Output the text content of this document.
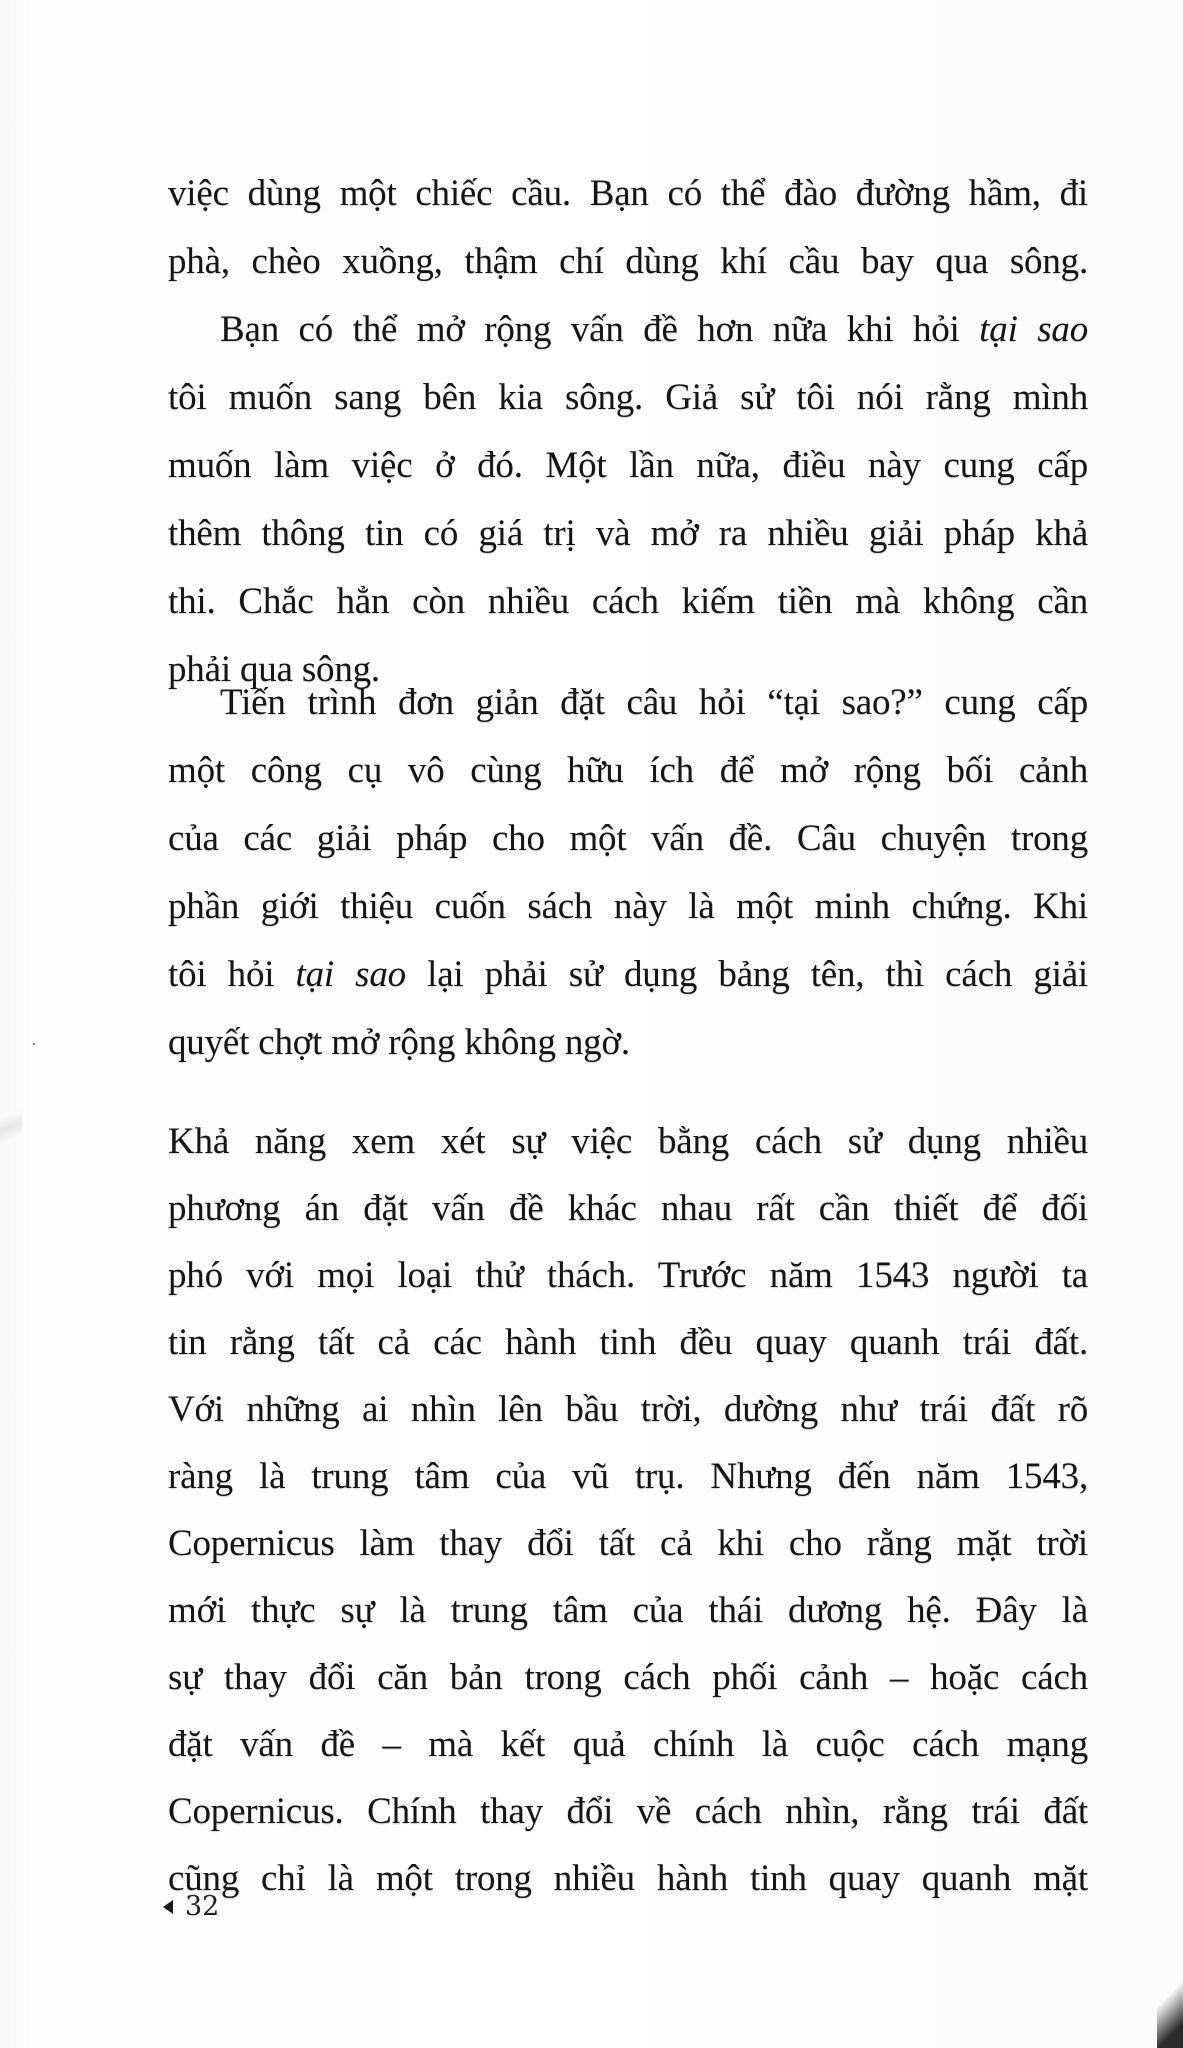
việc dùng một chiếc cầu. Bạn có thể đào đường hầm, đi
phà, chèo xuồng, thậm chí dùng khí cầu bay qua sông.
Bạn có thể mở rộng vấn đề hơn nữa khi hỏi tại sao
tôi muốn sang bên kia sông. Giả sử tôi nói rằng mình
muốn làm việc ở đó. Một lần nữa, điều này cung cấp
thêm thông tin có giá trị và mở ra nhiều giải pháp khả
thi. Chắc hẳn còn nhiều cách kiếm tiền mà không cần
phải qua sông.
Tiến trình đơn giản đặt câu hỏi “tại sao?” cung cấp
một công cụ vô cùng hữu ích để mở rộng bối cảnh
của các giải pháp cho một vấn đề. Câu chuyện trong
phần giới thiệu cuốn sách này là một minh chứng. Khi
tôi hỏi tại sao lại phải sử dụng bảng tên, thì cách giải
quyết chợt mở rộng không ngờ.
Khả năng xem xét sự việc bằng cách sử dụng nhiều
phương án đặt vấn đề khác nhau rất cần thiết để đối
phó với mọi loại thử thách. Trước năm 1543 người ta
tin rằng tất cả các hành tinh đều quay quanh trái đất.
Với những ai nhìn lên bầu trời, dường như trái đất rõ
ràng là trung tâm của vũ trụ. Nhưng đến năm 1543,
Copernicus làm thay đổi tất cả khi cho rằng mặt trời
mới thực sự là trung tâm của thái dương hệ. Đây là
sự thay đổi căn bản trong cách phối cảnh – hoặc cách
đặt vấn đề – mà kết quả chính là cuộc cách mạng
Copernicus. Chính thay đổi về cách nhìn, rằng trái đất
cũng chỉ là một trong nhiều hành tinh quay quanh mặt
32
